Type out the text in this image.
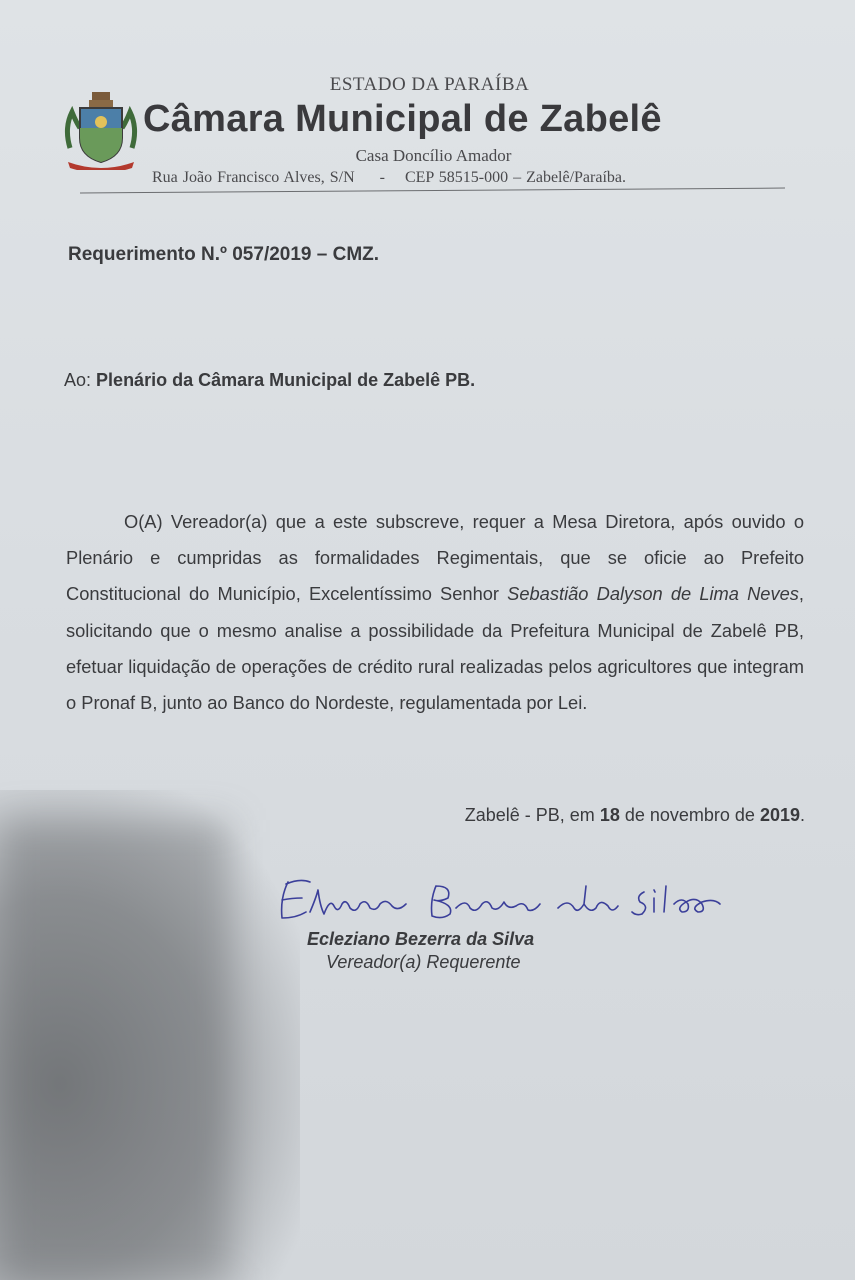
ESTADO DA PARAÍBA
Câmara Municipal de Zabelê
Casa Doncílio Amador
Rua João Francisco Alves, S/N - CEP 58515-000 – Zabelê/Paraíba.
Requerimento N.º 057/2019 – CMZ.
Ao: Plenário da Câmara Municipal de Zabelê PB.
O(A) Vereador(a) que a este subscreve, requer a Mesa Diretora, após ouvido o Plenário e cumpridas as formalidades Regimentais, que se oficie ao Prefeito Constitucional do Município, Excelentíssimo Senhor Sebastião Dalyson de Lima Neves, solicitando que o mesmo analise a possibilidade da Prefeitura Municipal de Zabelê PB, efetuar liquidação de operações de crédito rural realizadas pelos agricultores que integram o Pronaf B, junto ao Banco do Nordeste, regulamentada por Lei.
Zabelê - PB, em 18 de novembro de 2019.
Ecleziano Bezerra da Silva
Vereador(a) Requerente
